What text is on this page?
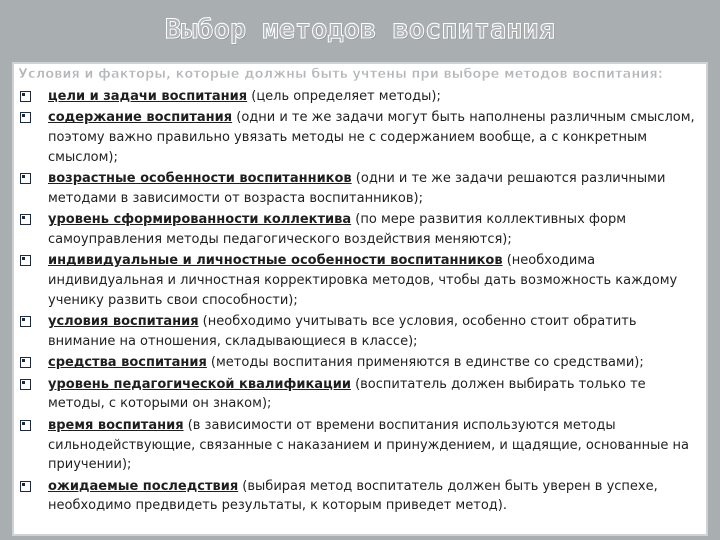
Выбор методов воспитания
Условия и факторы, которые должны быть учтены при выборе методов воспитания:
цели и задачи воспитания (цель определяет методы);
содержание воспитания (одни и те же задачи могут быть наполнены различным смыслом, поэтому важно правильно увязать методы не с содержанием вообще, а с конкретным смыслом);
возрастные особенности воспитанников (одни и те же задачи решаются различными методами в зависимости от возраста воспитанников);
уровень сформированности коллектива (по мере развития коллективных форм самоуправления методы педагогического воздействия меняются);
индивидуальные и личностные особенности воспитанников (необходима индивидуальная и личностная корректировка методов, чтобы дать возможность каждому ученику развить свои способности);
условия воспитания (необходимо учитывать все условия, особенно стоит обратить внимание на отношения, складывающиеся в классе);
средства воспитания (методы воспитания применяются в единстве со средствами);
уровень педагогической квалификации (воспитатель должен выбирать только те методы, с которыми он знаком);
время воспитания (в зависимости от времени воспитания используются методы сильнодействующие, связанные с наказанием и принуждением, и щадящие, основанные на приучении);
ожидаемые последствия (выбирая метод воспитатель должен быть уверен в успехе, необходимо предвидеть результаты, к которым приведет метод).
